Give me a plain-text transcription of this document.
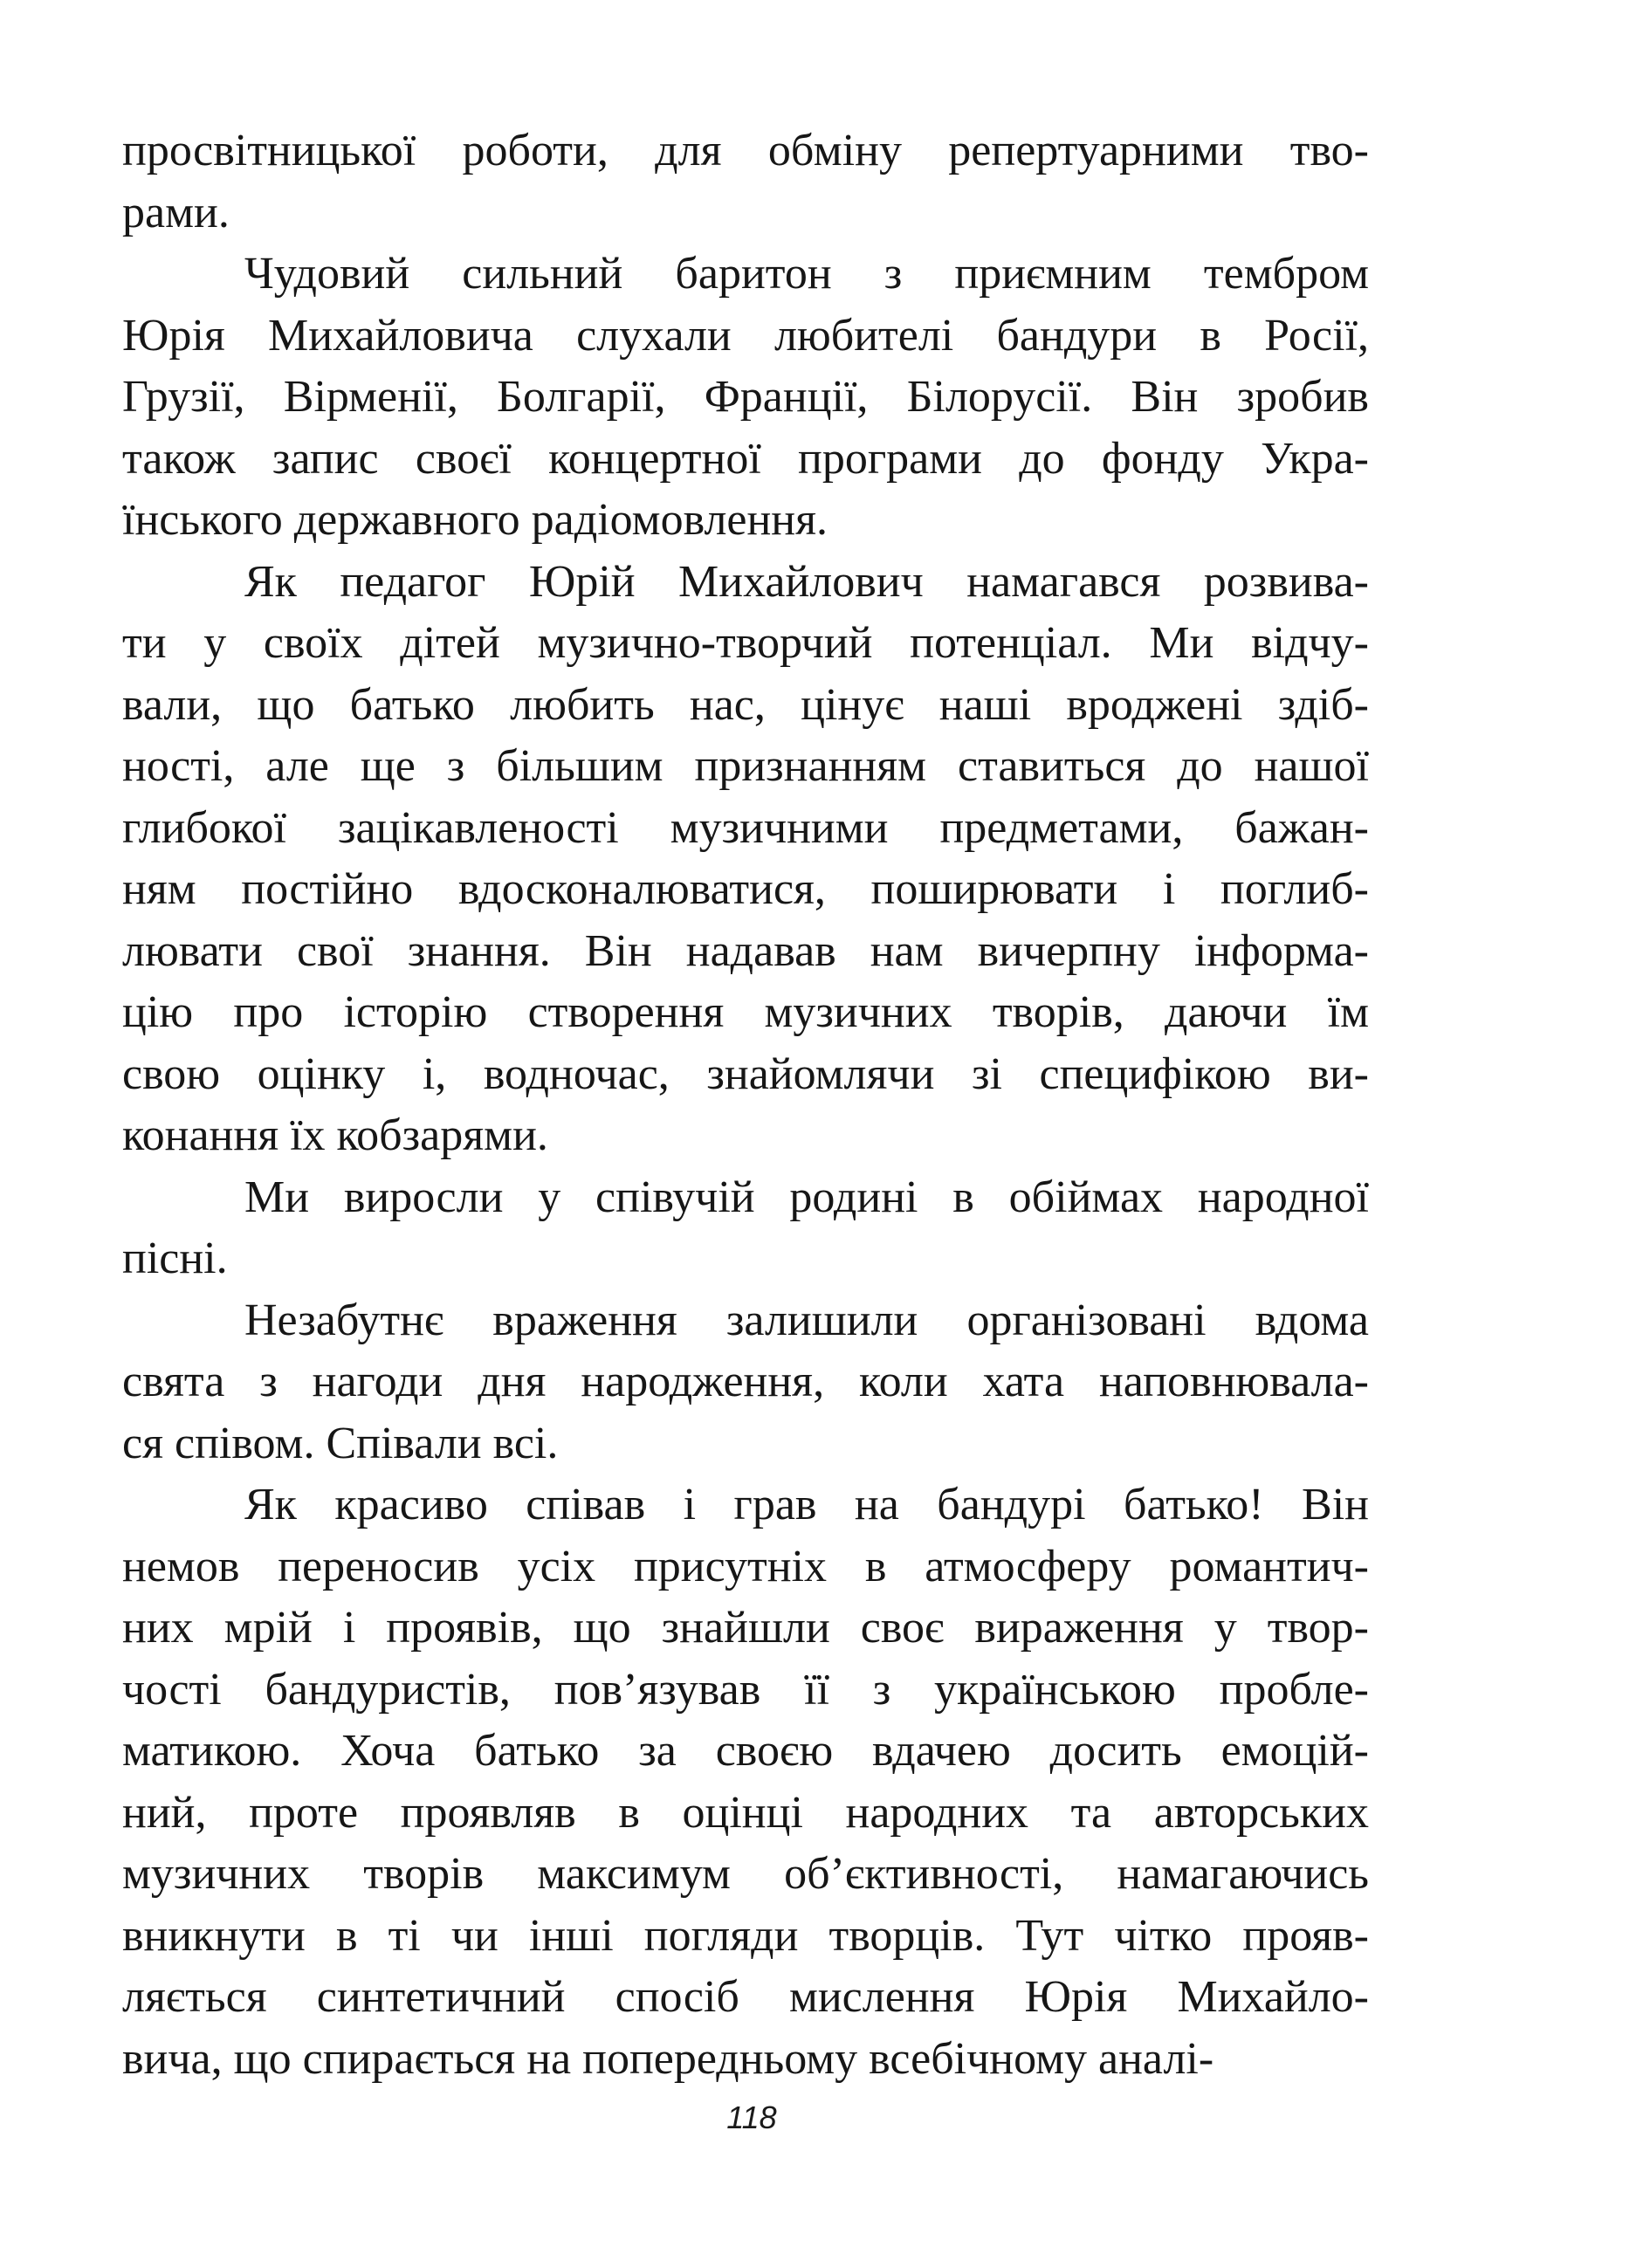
просвітницької роботи, для обміну репертуарними тво-
рами.
Чудовий сильний баритон з приємним тембром
Юрія Михайловича слухали любителі бандури в Росії,
Грузії, Вірменії, Болгарії, Франції, Білорусії. Він зробив
також запис своєї концертної програми до фонду Укра-
їнського державного радіомовлення.
Як педагог Юрій Михайлович намагався розвива-
ти у своїх дітей музично-творчий потенціал. Ми відчу-
вали, що батько любить нас, цінує наші вроджені здіб-
ності, але ще з більшим признанням ставиться до нашої
глибокої зацікавленості музичними предметами, бажан-
ням постійно вдосконалюватися, поширювати і поглиб-
лювати свої знання. Він надавав нам вичерпну інформа-
цію про історію створення музичних творів, даючи їм
свою оцінку і, водночас, знайомлячи зі специфікою ви-
конання їх кобзарями.
Ми виросли у співучій родині в обіймах народної
пісні.
Незабутнє враження залишили організовані вдома
свята з нагоди дня народження, коли хата наповнювала-
ся співом. Співали всі.
Як красиво співав і грав на бандурі батько! Він
немов переносив усіх присутніх в атмосферу романтич-
них мрій і проявів, що знайшли своє вираження у твор-
чості бандуристів, пов’язував її з українською пробле-
матикою. Хоча батько за своєю вдачею досить емоцій-
ний, проте проявляв в оцінці народних та авторських
музичних творів максимум об’єктивності, намагаючись
вникнути в ті чи інші погляди творців. Тут чітко прояв-
ляється синтетичний спосіб мислення Юрія Михайло-
вича, що спирається на попередньому всебічному аналі-
118
